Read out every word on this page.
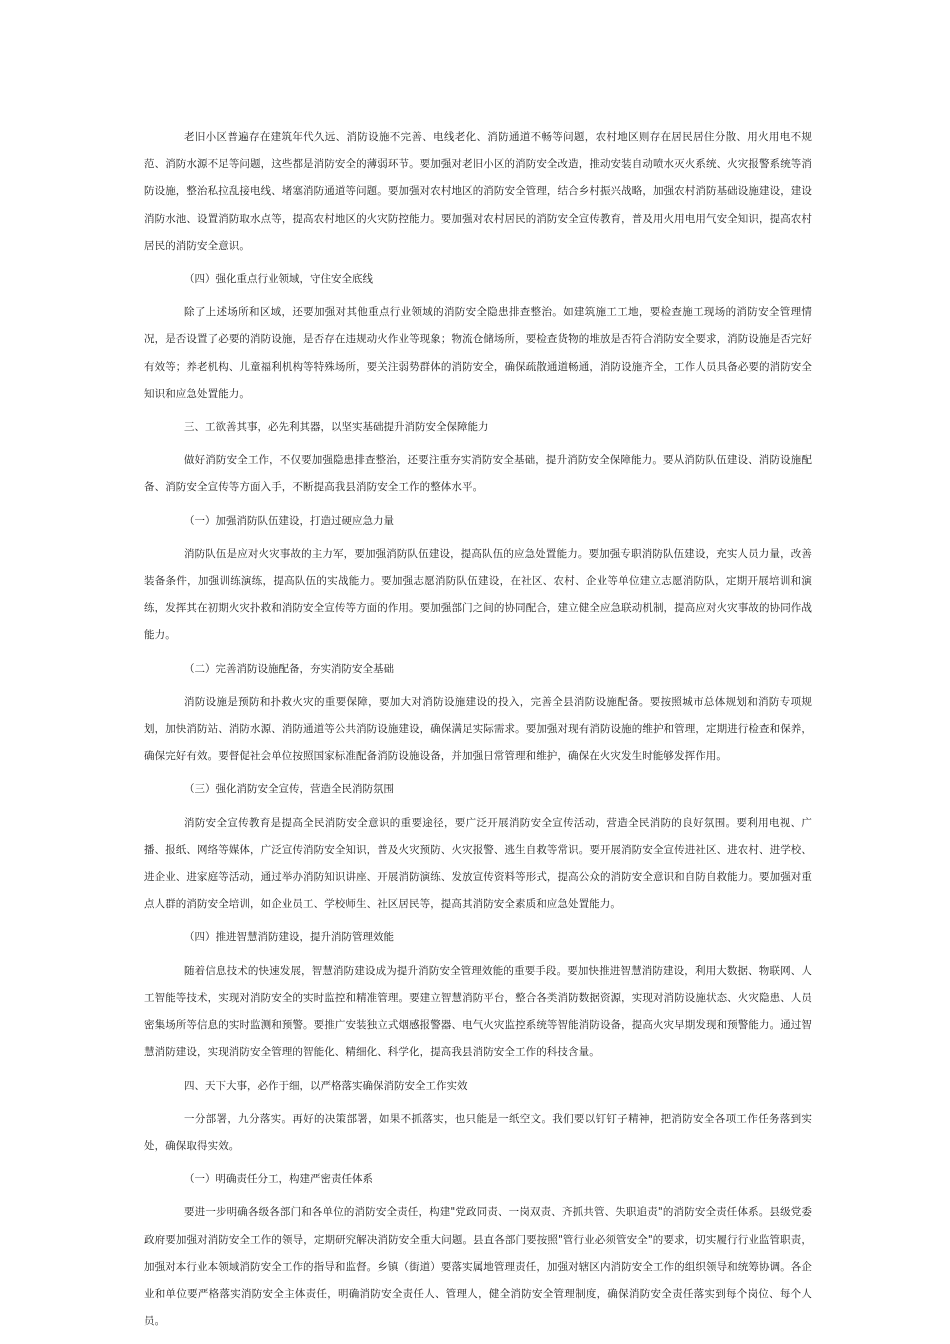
老旧小区普遍存在建筑年代久远、消防设施不完善、电线老化、消防通道不畅等问题，农村地区则存在居民居住分散、用火用电不规范、消防水源不足等问题，这些都是消防安全的薄弱环节。要加强对老旧小区的消防安全改造，推动安装自动喷水灭火系统、火灾报警系统等消防设施，整治私拉乱接电线、堵塞消防通道等问题。要加强对农村地区的消防安全管理，结合乡村振兴战略，加强农村消防基础设施建设，建设消防水池、设置消防取水点等，提高农村地区的火灾防控能力。要加强对农村居民的消防安全宣传教育，普及用火用电用气安全知识，提高农村居民的消防安全意识。

（四）强化重点行业领域，守住安全底线

除了上述场所和区域，还要加强对其他重点行业领域的消防安全隐患排查整治。如建筑施工工地，要检查施工现场的消防安全管理情况，是否设置了必要的消防设施，是否存在违规动火作业等现象；物流仓储场所，要检查货物的堆放是否符合消防安全要求，消防设施是否完好有效等；养老机构、儿童福利机构等特殊场所，要关注弱势群体的消防安全，确保疏散通道畅通，消防设施齐全，工作人员具备必要的消防安全知识和应急处置能力。

三、工欲善其事，必先利其器，以坚实基础提升消防安全保障能力

做好消防安全工作，不仅要加强隐患排查整治，还要注重夯实消防安全基础，提升消防安全保障能力。要从消防队伍建设、消防设施配备、消防安全宣传等方面入手，不断提高我县消防安全工作的整体水平。

（一）加强消防队伍建设，打造过硬应急力量

消防队伍是应对火灾事故的主力军，要加强消防队伍建设，提高队伍的应急处置能力。要加强专职消防队伍建设，充实人员力量，改善装备条件，加强训练演练，提高队伍的实战能力。要加强志愿消防队伍建设，在社区、农村、企业等单位建立志愿消防队，定期开展培训和演练，发挥其在初期火灾扑救和消防安全宣传等方面的作用。要加强部门之间的协同配合，建立健全应急联动机制，提高应对火灾事故的协同作战能力。

（二）完善消防设施配备，夯实消防安全基础

消防设施是预防和扑救火灾的重要保障，要加大对消防设施建设的投入，完善全县消防设施配备。要按照城市总体规划和消防专项规划，加快消防站、消防水源、消防通道等公共消防设施建设，确保满足实际需求。要加强对现有消防设施的维护和管理，定期进行检查和保养，确保完好有效。要督促社会单位按照国家标准配备消防设施设备，并加强日常管理和维护，确保在火灾发生时能够发挥作用。

（三）强化消防安全宣传，营造全民消防氛围

消防安全宣传教育是提高全民消防安全意识的重要途径，要广泛开展消防安全宣传活动，营造全民消防的良好氛围。要利用电视、广播、报纸、网络等媒体，广泛宣传消防安全知识，普及火灾预防、火灾报警、逃生自救等常识。要开展消防安全宣传进社区、进农村、进学校、进企业、进家庭等活动，通过举办消防知识讲座、开展消防演练、发放宣传资料等形式，提高公众的消防安全意识和自防自救能力。要加强对重点人群的消防安全培训，如企业员工、学校师生、社区居民等，提高其消防安全素质和应急处置能力。

（四）推进智慧消防建设，提升消防管理效能

随着信息技术的快速发展，智慧消防建设成为提升消防安全管理效能的重要手段。要加快推进智慧消防建设，利用大数据、物联网、人工智能等技术，实现对消防安全的实时监控和精准管理。要建立智慧消防平台，整合各类消防数据资源，实现对消防设施状态、火灾隐患、人员密集场所等信息的实时监测和预警。要推广安装独立式烟感报警器、电气火灾监控系统等智能消防设备，提高火灾早期发现和预警能力。通过智慧消防建设，实现消防安全管理的智能化、精细化、科学化，提高我县消防安全工作的科技含量。

四、天下大事，必作于细，以严格落实确保消防安全工作实效

一分部署，九分落实。再好的决策部署，如果不抓落实，也只能是一纸空文。我们要以钉钉子精神，把消防安全各项工作任务落到实处，确保取得实效。

（一）明确责任分工，构建严密责任体系

要进一步明确各级各部门和各单位的消防安全责任，构建"党政同责、一岗双责、齐抓共管、失职追责"的消防安全责任体系。县级党委政府要加强对消防安全工作的领导，定期研究解决消防安全重大问题。县直各部门要按照"管行业必须管安全"的要求，切实履行行业监管职责，加强对本行业本领域消防安全工作的指导和监督。乡镇（街道）要落实属地管理责任，加强对辖区内消防安全工作的组织领导和统筹协调。各企业和单位要严格落实消防安全主体责任，明确消防安全责任人、管理人，健全消防安全管理制度，确保消防安全责任落实到每个岗位、每个人员。
